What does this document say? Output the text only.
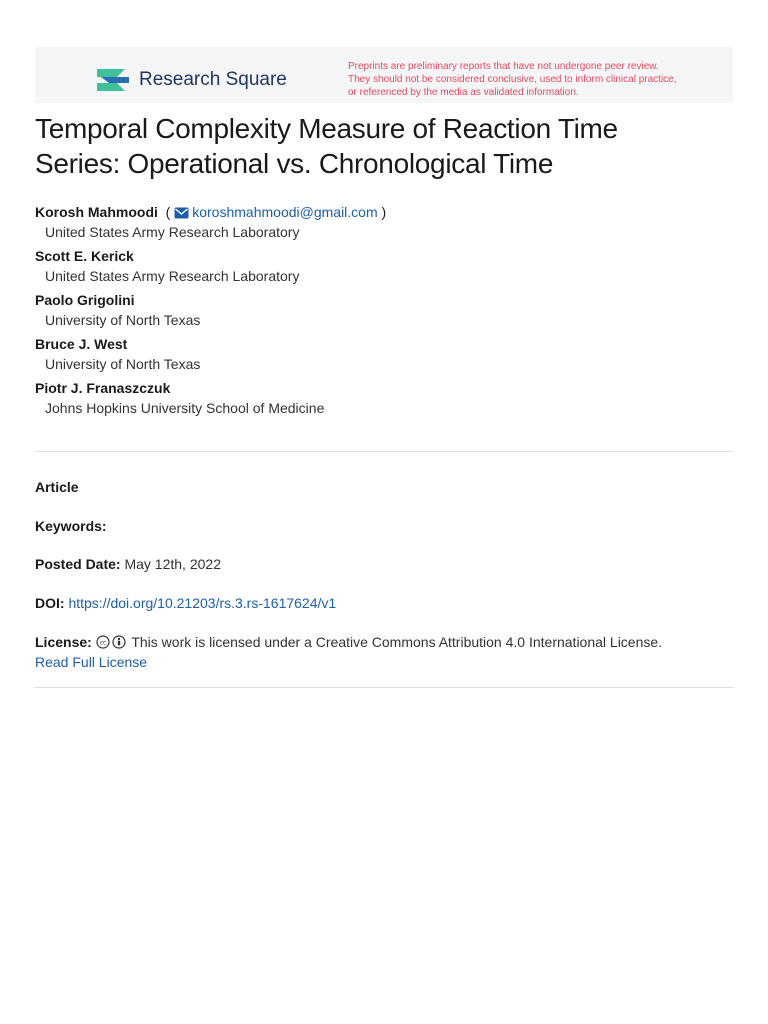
Research Square
Preprints are preliminary reports that have not undergone peer review.
They should not be considered conclusive, used to inform clinical practice,
or referenced by the media as validated information.
Temporal Complexity Measure of Reaction Time
Series: Operational vs. Chronological Time
Korosh Mahmoodi  ( koroshmahmoodi@gmail.com )
United States Army Research Laboratory
Scott E. Kerick
United States Army Research Laboratory
Paolo Grigolini
University of North Texas
Bruce J. West
University of North Texas
Piotr J. Franaszczuk
Johns Hopkins University School of Medicine
Article
Keywords:
Posted Date: May 12th, 2022
DOI: https://doi.org/10.21203/rs.3.rs-1617624/v1
License: cc This work is licensed under a Creative Commons Attribution 4.0 International License.
Read Full License
